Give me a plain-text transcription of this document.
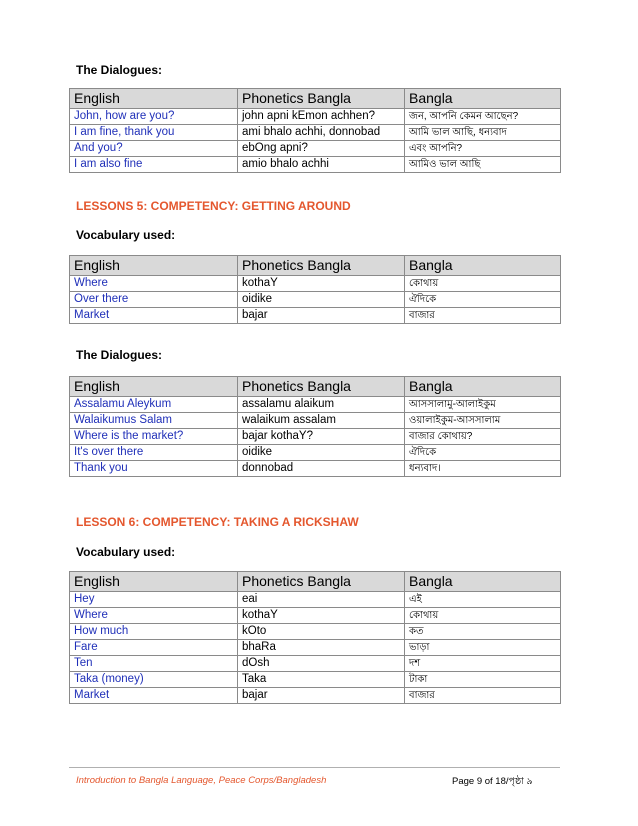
The Dialogues:
English	Phonetics Bangla	Bangla
John, how are you?	john apni kEmon achhen?	জন, আপনি কেমন আছেন?
I am fine, thank you	ami bhalo achhi, donnobad	আমি ভাল আছি, ধন্যবাদ
And you?	ebOng apni?	এবং আপনি?
I am also fine	amio bhalo achhi	আমিও ভাল আছি
LESSONS 5: COMPETENCY: GETTING AROUND
Vocabulary used:
English	Phonetics Bangla	Bangla
Where	kothaY	কোথায়
Over there	oidike	ঐদিকে
Market	bajar	বাজার
The Dialogues:
English	Phonetics Bangla	Bangla
Assalamu Aleykum	assalamu alaikum	আসসালামু-আলাইকুম
Walaikumus Salam	walaikum assalam	ওয়ালাইকুম-আসসালাম
Where is the market?	bajar kothaY?	বাজার কোথায়?
It's over there	oidike	ঐদিকে
Thank you	donnobad	ধন্যবাদ।
LESSON 6: COMPETENCY: TAKING A RICKSHAW
Vocabulary used:
English	Phonetics Bangla	Bangla
Hey	eai	এই
Where	kothaY	কোথায়
How much	kOto	কত
Fare	bhaRa	ভাড়া
Ten	dOsh	দশ
Taka (money)	Taka	টাকা
Market	bajar	বাজার
Introduction to Bangla Language, Peace Corps/Bangladesh	Page 9 of 18/পৃষ্ঠা ৯
